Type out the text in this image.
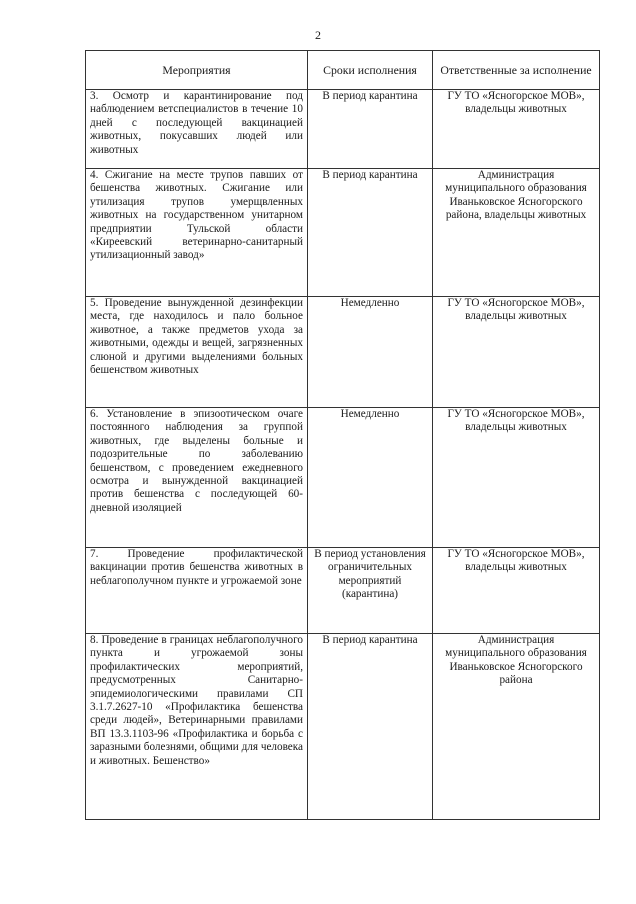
2
Мероприятия	Сроки исполнения	Ответственные за исполнение
3. Осмотр и карантинирование под наблюдением ветспециалистов в течение 10 дней с последующей вакцинацией животных, покусавших людей или животных	В период карантина	ГУ ТО «Ясногорское МОВ», владельцы животных
4. Сжигание на месте трупов павших от бешенства животных. Сжигание или утилизация трупов умерщвленных животных на государственном унитарном предприятии Тульской области «Киреевский ветеринарно-санитарный утилизационный завод»	В период карантина	Администрация муниципального образования Иваньковское Ясногорского района, владельцы животных
5. Проведение вынужденной дезинфекции места, где находилось и пало больное животное, а также предметов ухода за животными, одежды и вещей, загрязненных слюной и другими выделениями больных бешенством животных	Немедленно	ГУ ТО «Ясногорское МОВ», владельцы животных
6. Установление в эпизоотическом очаге постоянного наблюдения за группой животных, где выделены больные и подозрительные по заболеванию бешенством, с проведением ежедневного осмотра и вынужденной вакцинацией против бешенства с последующей 60-дневной изоляцией	Немедленно	ГУ ТО «Ясногорское МОВ», владельцы животных
7. Проведение профилактической вакцинации против бешенства животных в неблагополучном пункте и угрожаемой зоне	В период установления ограничительных мероприятий (карантина)	ГУ ТО «Ясногорское МОВ», владельцы животных
8. Проведение в границах неблагополучного пункта и угрожаемой зоны профилактических мероприятий, предусмотренных Санитарно-эпидемиологическими правилами СП 3.1.7.2627-10 «Профилактика бешенства среди людей», Ветеринарными правилами ВП 13.3.1103-96 «Профилактика и борьба с заразными болезнями, общими для человека и животных. Бешенство»	В период карантина	Администрация муниципального образования Иваньковское Ясногорского района
